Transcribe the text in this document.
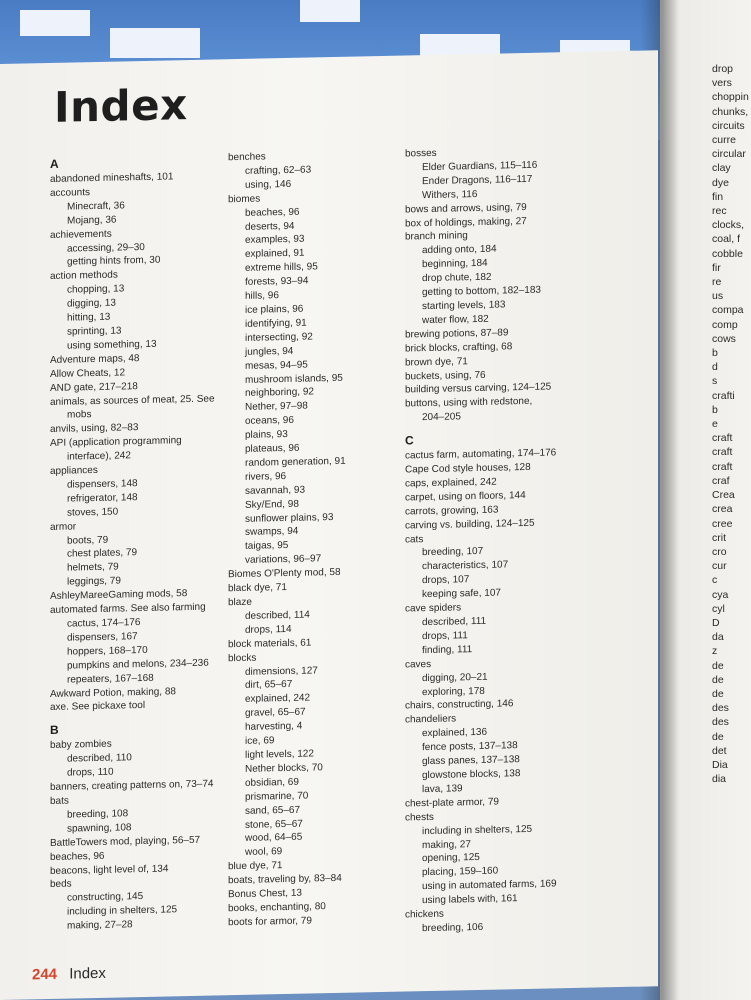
drop
vers
choppin
chunks,
circuits
curre
circular
clay
dye
fin
rec
clocks,
coal, f
cobble
fir
re
us
compa
comp
cows
b
d
s
crafti
b
e
craft
craft
craft
craf
Crea
crea
cree
crit
cro
cur
c
cya
cyl
D
da
z
de
de
de
des
des
de
det
Dia
dia
Index
A
abandoned mineshafts, 101
accounts
Minecraft, 36
Mojang, 36
achievements
accessing, 29–30
getting hints from, 30
action methods
chopping, 13
digging, 13
hitting, 13
sprinting, 13
using something, 13
Adventure maps, 48
Allow Cheats, 12
AND gate, 217–218
animals, as sources of meat, 25. See
mobs
anvils, using, 82–83
API (application programming
interface), 242
appliances
dispensers, 148
refrigerator, 148
stoves, 150
armor
boots, 79
chest plates, 79
helmets, 79
leggings, 79
AshleyMareeGaming mods, 58
automated farms. See also farming
cactus, 174–176
dispensers, 167
hoppers, 168–170
pumpkins and melons, 234–236
repeaters, 167–168
Awkward Potion, making, 88
axe. See pickaxe tool
B
baby zombies
described, 110
drops, 110
banners, creating patterns on, 73–74
bats
breeding, 108
spawning, 108
BattleTowers mod, playing, 56–57
beaches, 96
beacons, light level of, 134
beds
constructing, 145
including in shelters, 125
making, 27–28
benches
crafting, 62–63
using, 146
biomes
beaches, 96
deserts, 94
examples, 93
explained, 91
extreme hills, 95
forests, 93–94
hills, 96
ice plains, 96
identifying, 91
intersecting, 92
jungles, 94
mesas, 94–95
mushroom islands, 95
neighboring, 92
Nether, 97–98
oceans, 96
plains, 93
plateaus, 96
random generation, 91
rivers, 96
savannah, 93
Sky/End, 98
sunflower plains, 93
swamps, 94
taigas, 95
variations, 96–97
Biomes O'Plenty mod, 58
black dye, 71
blaze
described, 114
drops, 114
block materials, 61
blocks
dimensions, 127
dirt, 65–67
explained, 242
gravel, 65–67
harvesting, 4
ice, 69
light levels, 122
Nether blocks, 70
obsidian, 69
prismarine, 70
sand, 65–67
stone, 65–67
wood, 64–65
wool, 69
blue dye, 71
boats, traveling by, 83–84
Bonus Chest, 13
books, enchanting, 80
boots for armor, 79
bosses
Elder Guardians, 115–116
Ender Dragons, 116–117
Withers, 116
bows and arrows, using, 79
box of holdings, making, 27
branch mining
adding onto, 184
beginning, 184
drop chute, 182
getting to bottom, 182–183
starting levels, 183
water flow, 182
brewing potions, 87–89
brick blocks, crafting, 68
brown dye, 71
buckets, using, 76
building versus carving, 124–125
buttons, using with redstone,
204–205
C
cactus farm, automating, 174–176
Cape Cod style houses, 128
caps, explained, 242
carpet, using on floors, 144
carrots, growing, 163
carving vs. building, 124–125
cats
breeding, 107
characteristics, 107
drops, 107
keeping safe, 107
cave spiders
described, 111
drops, 111
finding, 111
caves
digging, 20–21
exploring, 178
chairs, constructing, 146
chandeliers
explained, 136
fence posts, 137–138
glass panes, 137–138
glowstone blocks, 138
lava, 139
chest-plate armor, 79
chests
including in shelters, 125
making, 27
opening, 125
placing, 159–160
using in automated farms, 169
using labels with, 161
chickens
breeding, 106
244 Index
